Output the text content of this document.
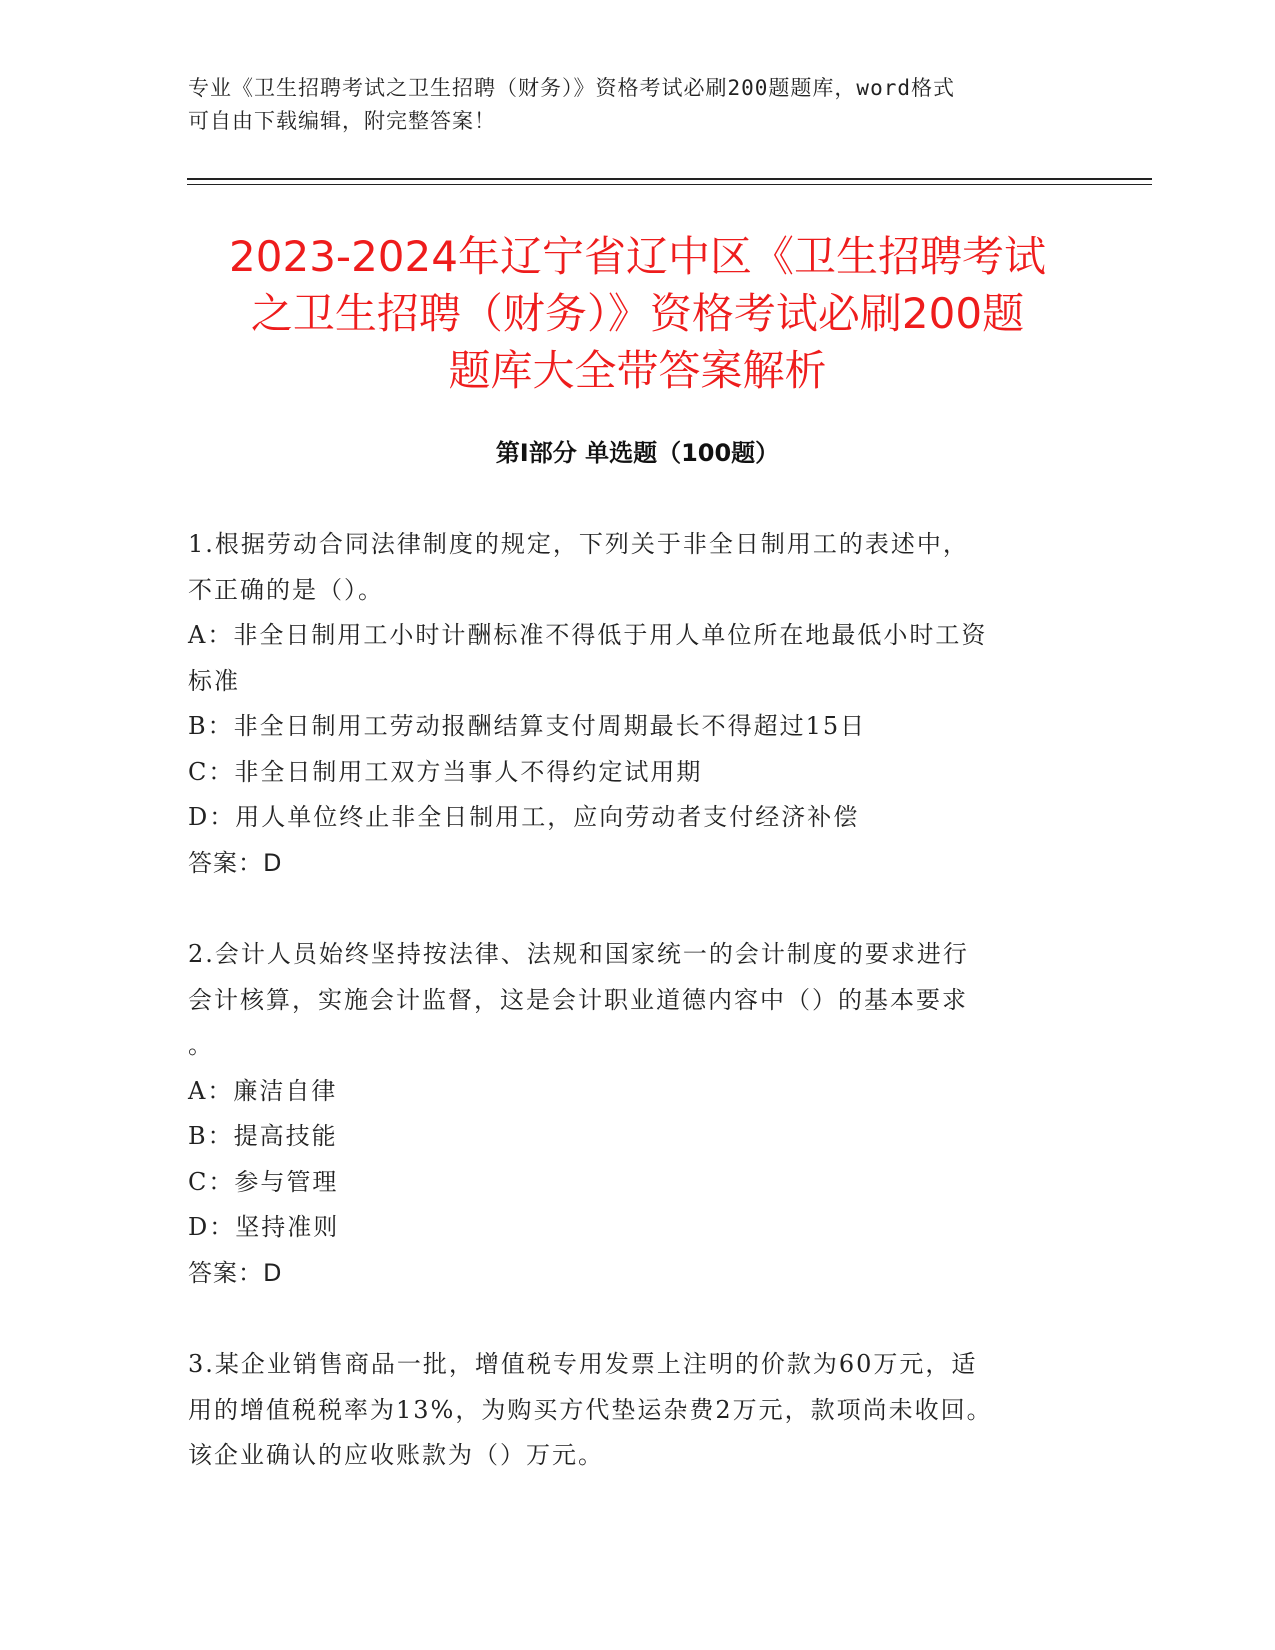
专业《卫生招聘考试之卫生招聘（财务）》资格考试必刷200题题库，word格式
可自由下载编辑，附完整答案！
2023-2024年辽宁省辽中区《卫生招聘考试
之卫生招聘（财务）》资格考试必刷200题
题库大全带答案解析
第Ⅰ部分 单选题（100题）

1.根据劳动合同法律制度的规定，下列关于非全日制用工的表述中，

不正确的是（）。

A：非全日制用工小时计酬标准不得低于用人单位所在地最低小时工资

标准

B：非全日制用工劳动报酬结算支付周期最长不得超过15日

C：非全日制用工双方当事人不得约定试用期

D：用人单位终止非全日制用工，应向劳动者支付经济补偿

答案：D

2.会计人员始终坚持按法律、法规和国家统一的会计制度的要求进行

会计核算，实施会计监督，这是会计职业道德内容中（）的基本要求

。

A：廉洁自律

B：提高技能

C：参与管理

D：坚持准则

答案：D

3.某企业销售商品一批，增值税专用发票上注明的价款为60万元，适

用的增值税税率为13%，为购买方代垫运杂费2万元，款项尚未收回。

该企业确认的应收账款为（）万元。
